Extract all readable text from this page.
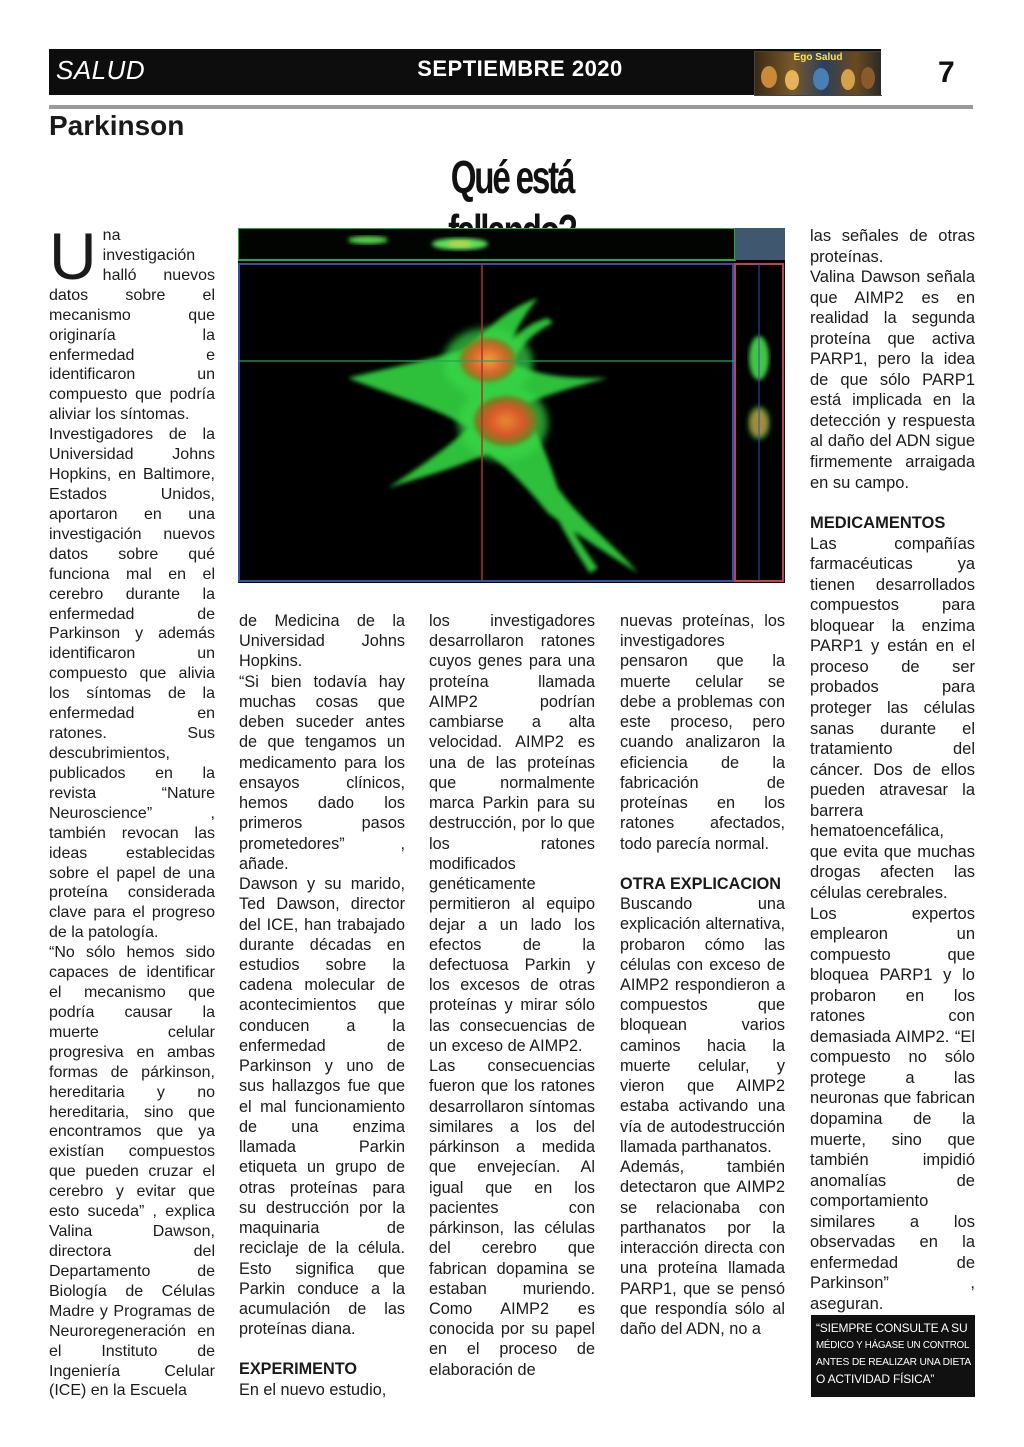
SALUD	SEPTIEMBRE 2020	Ego Salud	7
Parkinson
Qué está

Una investigación halló nuevos datos sobre el mecanismo que originaría la enfermedad e identificaron un compuesto que podría aliviar los síntomas.

Investigadores de la Universidad Johns Hopkins, en Baltimore, Estados Unidos, aportaron en una investigación nuevos datos sobre qué funciona mal en el cerebro durante la enfermedad de Parkinson y además identificaron un compuesto que alivia los síntomas de la enfermedad en ratones. Sus descubrimientos, publicados en la revista “Nature Neuroscience” , también revocan las ideas establecidas sobre el papel de una proteína considerada clave para el progreso de la patología.

“No sólo hemos sido capaces de identificar el mecanismo que podría causar la muerte celular progresiva en ambas formas de párkinson, hereditaria y no hereditaria, sino que encontramos que ya existían compuestos que pueden cruzar el cerebro y evitar que esto suceda” , explica Valina Dawson, directora del Departamento de Biología de Células Madre y Programas de Neuroregeneración en el Instituto de Ingeniería Celular (ICE) en la Escuela

de Medicina de la Universidad Johns Hopkins.

“Si bien todavía hay muchas cosas que deben suceder antes de que tengamos un medicamento para los ensayos clínicos, hemos dado los primeros pasos prometedores” , añade.

Dawson y su marido, Ted Dawson, director del ICE, han trabajado durante décadas en estudios sobre la cadena molecular de acontecimientos que conducen a la enfermedad de Parkinson y uno de sus hallazgos fue que el mal funcionamiento de una enzima llamada Parkin etiqueta un grupo de otras proteínas para su destrucción por la maquinaria de reciclaje de la célula. Esto significa que Parkin conduce a la acumulación de las proteínas diana.

EXPERIMENTO

En el nuevo estudio,

los investigadores desarrollaron ratones cuyos genes para una proteína llamada AIMP2 podrían cambiarse a alta velocidad. AIMP2 es una de las proteínas que normalmente marca Parkin para su destrucción, por lo que los ratones modificados genéticamente permitieron al equipo dejar a un lado los efectos de la defectuosa Parkin y los excesos de otras proteínas y mirar sólo las consecuencias de un exceso de AIMP2.

Las consecuencias fueron que los ratones desarrollaron síntomas similares a los del párkinson a medida que envejecían. Al igual que en los pacientes con párkinson, las células del cerebro que fabrican dopamina se estaban muriendo. Como AIMP2 es conocida por su papel en el proceso de elaboración de

nuevas proteínas, los investigadores pensaron que la muerte celular se debe a problemas con este proceso, pero cuando analizaron la eficiencia de la fabricación de proteínas en los ratones afectados, todo parecía normal.

OTRA EXPLICACION

Buscando una explicación alternativa, probaron cómo las células con exceso de AIMP2 respondieron a compuestos que bloquean varios caminos hacia la muerte celular, y vieron que AIMP2 estaba activando una vía de autodestrucción llamada parthanatos.

Además, también detectaron que AIMP2 se relacionaba con parthanatos por la interacción directa con una proteína llamada PARP1, que se pensó que respondía sólo al daño del ADN, no a

las señales de otras proteínas.

Valina Dawson señala que AIMP2 es en realidad la segunda proteína que activa PARP1, pero la idea de que sólo PARP1 está implicada en la detección y respuesta al daño del ADN sigue firmemente arraigada en su campo.

MEDICAMENTOS

Las compañías farmacéuticas ya tienen desarrollados compuestos para bloquear la enzima PARP1 y están en el proceso de ser probados para proteger las células sanas durante el tratamiento del cáncer. Dos de ellos pueden atravesar la barrera hematoencefálica, que evita que muchas drogas afecten las células cerebrales.

Los expertos emplearon un compuesto que bloquea PARP1 y lo probaron en los ratones con demasiada AIMP2. “El compuesto no sólo protege a las neuronas que fabrican dopamina de la muerte, sino que también impidió anomalías de comportamiento similares a los observadas en la enfermedad de Parkinson” , aseguran.

“SIEMPRE CONSULTE A SU
MÉDICO Y HÁGASE UN CONTROL
ANTES DE REALIZAR UNA DIETA
O ACTIVIDAD FÍSICA”
